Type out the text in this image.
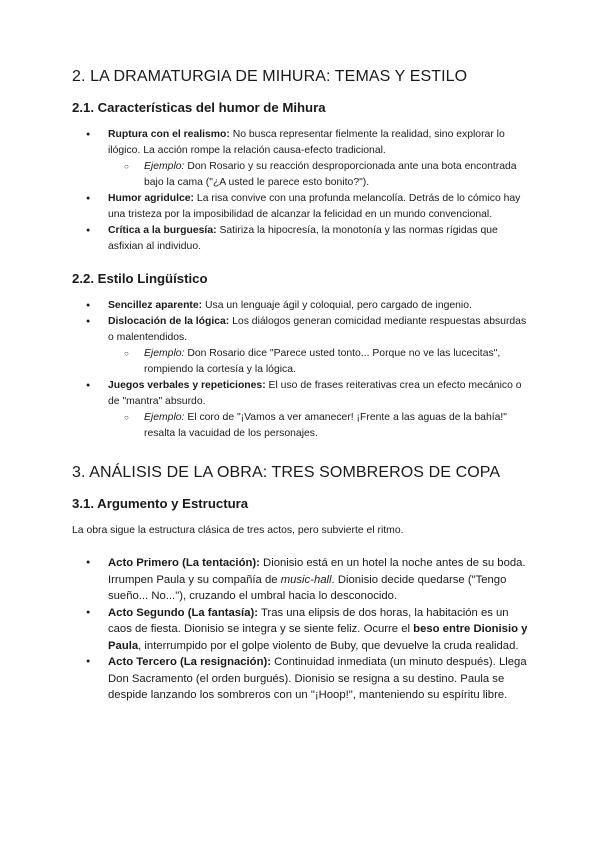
2. LA DRAMATURGIA DE MIHURA: TEMAS Y ESTILO
2.1. Características del humor de Mihura
● Ruptura con el realismo: No busca representar fielmente la realidad, sino explorar lo ilógico. La acción rompe la relación causa-efecto tradicional.
○ Ejemplo: Don Rosario y su reacción desproporcionada ante una bota encontrada bajo la cama ("¿A usted le parece esto bonito?").
● Humor agridulce: La risa convive con una profunda melancolía. Detrás de lo cómico hay una tristeza por la imposibilidad de alcanzar la felicidad en un mundo convencional.
● Crítica a la burguesía: Satiriza la hipocresía, la monotonía y las normas rígidas que asfixian al individuo.
2.2. Estilo Lingüístico
● Sencillez aparente: Usa un lenguaje ágil y coloquial, pero cargado de ingenio.
● Dislocación de la lógica: Los diálogos generan comicidad mediante respuestas absurdas o malentendidos.
○ Ejemplo: Don Rosario dice "Parece usted tonto... Porque no ve las lucecitas", rompiendo la cortesía y la lógica.
● Juegos verbales y repeticiones: El uso de frases reiterativas crea un efecto mecánico o de "mantra" absurdo.
○ Ejemplo: El coro de "¡Vamos a ver amanecer! ¡Frente a las aguas de la bahía!" resalta la vacuidad de los personajes.
3. ANÁLISIS DE LA OBRA: TRES SOMBREROS DE COPA
3.1. Argumento y Estructura

La obra sigue la estructura clásica de tres actos, pero subvierte el ritmo.

● Acto Primero (La tentación): Dionisio está en un hotel la noche antes de su boda. Irrumpen Paula y su compañía de music-hall. Dionisio decide quedarse ("Tengo sueño... No..."), cruzando el umbral hacia lo desconocido.
● Acto Segundo (La fantasía): Tras una elipsis de dos horas, la habitación es un caos de fiesta. Dionisio se integra y se siente feliz. Ocurre el beso entre Dionisio y Paula, interrumpido por el golpe violento de Buby, que devuelve la cruda realidad.
● Acto Tercero (La resignación): Continuidad inmediata (un minuto después). Llega Don Sacramento (el orden burgués). Dionisio se resigna a su destino. Paula se despide lanzando los sombreros con un "¡Hoop!", manteniendo su espíritu libre.
